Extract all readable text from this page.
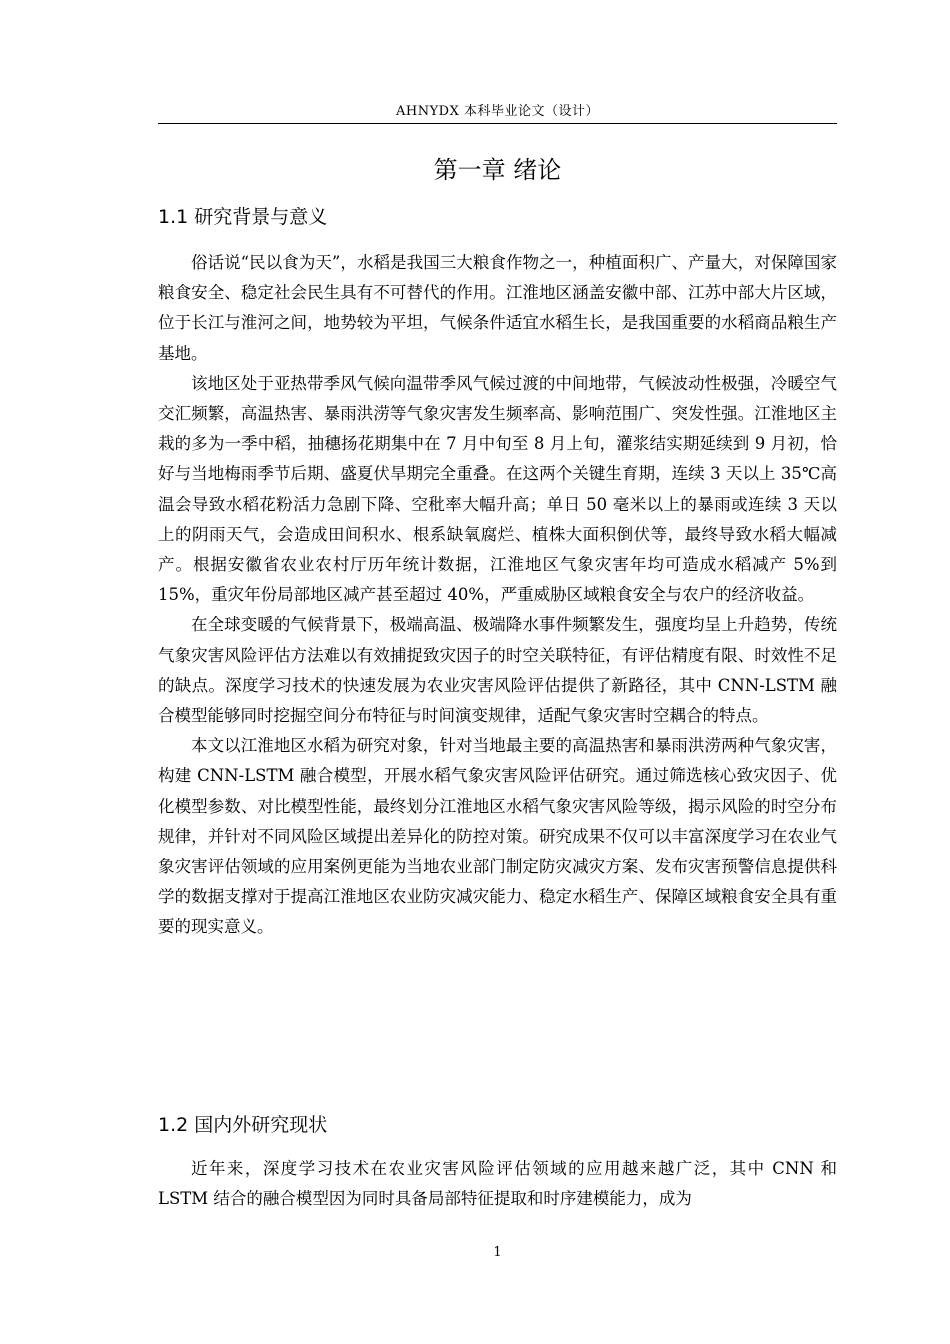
AHNYDX 本科毕业论文（设计）
第一章 绪论
1.1 研究背景与意义

俗话说“民以食为天”，水稻是我国三大粮食作物之一，种植面积广、产量大，对保障国家粮食安全、稳定社会民生具有不可替代的作用。江淮地区涵盖安徽中部、江苏中部大片区域，位于长江与淮河之间，地势较为平坦，气候条件适宜水稻生长，是我国重要的水稻商品粮生产基地。

该地区处于亚热带季风气候向温带季风气候过渡的中间地带，气候波动性极强，冷暖空气交汇频繁，高温热害、暴雨洪涝等气象灾害发生频率高、影响范围广、突发性强。江淮地区主栽的多为一季中稻，抽穗扬花期集中在 7 月中旬至 8 月上旬，灌浆结实期延续到 9 月初，恰好与当地梅雨季节后期、盛夏伏旱期完全重叠。在这两个关键生育期，连续 3 天以上 35℃高温会导致水稻花粉活力急剧下降、空秕率大幅升高；单日 50 毫米以上的暴雨或连续 3 天以上的阴雨天气，会造成田间积水、根系缺氧腐烂、植株大面积倒伏等，最终导致水稻大幅减产。根据安徽省农业农村厅历年统计数据，江淮地区气象灾害年均可造成水稻减产 5%到 15%，重灾年份局部地区减产甚至超过 40%，严重威胁区域粮食安全与农户的经济收益。

在全球变暖的气候背景下，极端高温、极端降水事件频繁发生，强度均呈上升趋势，传统气象灾害风险评估方法难以有效捕捉致灾因子的时空关联特征，有评估精度有限、时效性不足的缺点。深度学习技术的快速发展为农业灾害风险评估提供了新路径，其中 CNN-LSTM 融合模型能够同时挖掘空间分布特征与时间演变规律，适配气象灾害时空耦合的特点。

本文以江淮地区水稻为研究对象，针对当地最主要的高温热害和暴雨洪涝两种气象灾害，构建 CNN-LSTM 融合模型，开展水稻气象灾害风险评估研究。通过筛选核心致灾因子、优化模型参数、对比模型性能，最终划分江淮地区水稻气象灾害风险等级，揭示风险的时空分布规律，并针对不同风险区域提出差异化的防控对策。研究成果不仅可以丰富深度学习在农业气象灾害评估领域的应用案例更能为当地农业部门制定防灾减灾方案、发布灾害预警信息提供科学的数据支撑对于提高江淮地区农业防灾减灾能力、稳定水稻生产、保障区域粮食安全具有重要的现实意义。

1.2 国内外研究现状

近年来，深度学习技术在农业灾害风险评估领域的应用越来越广泛，其中 CNN 和 LSTM 结合的融合模型因为同时具备局部特征提取和时序建模能力，成为

1
